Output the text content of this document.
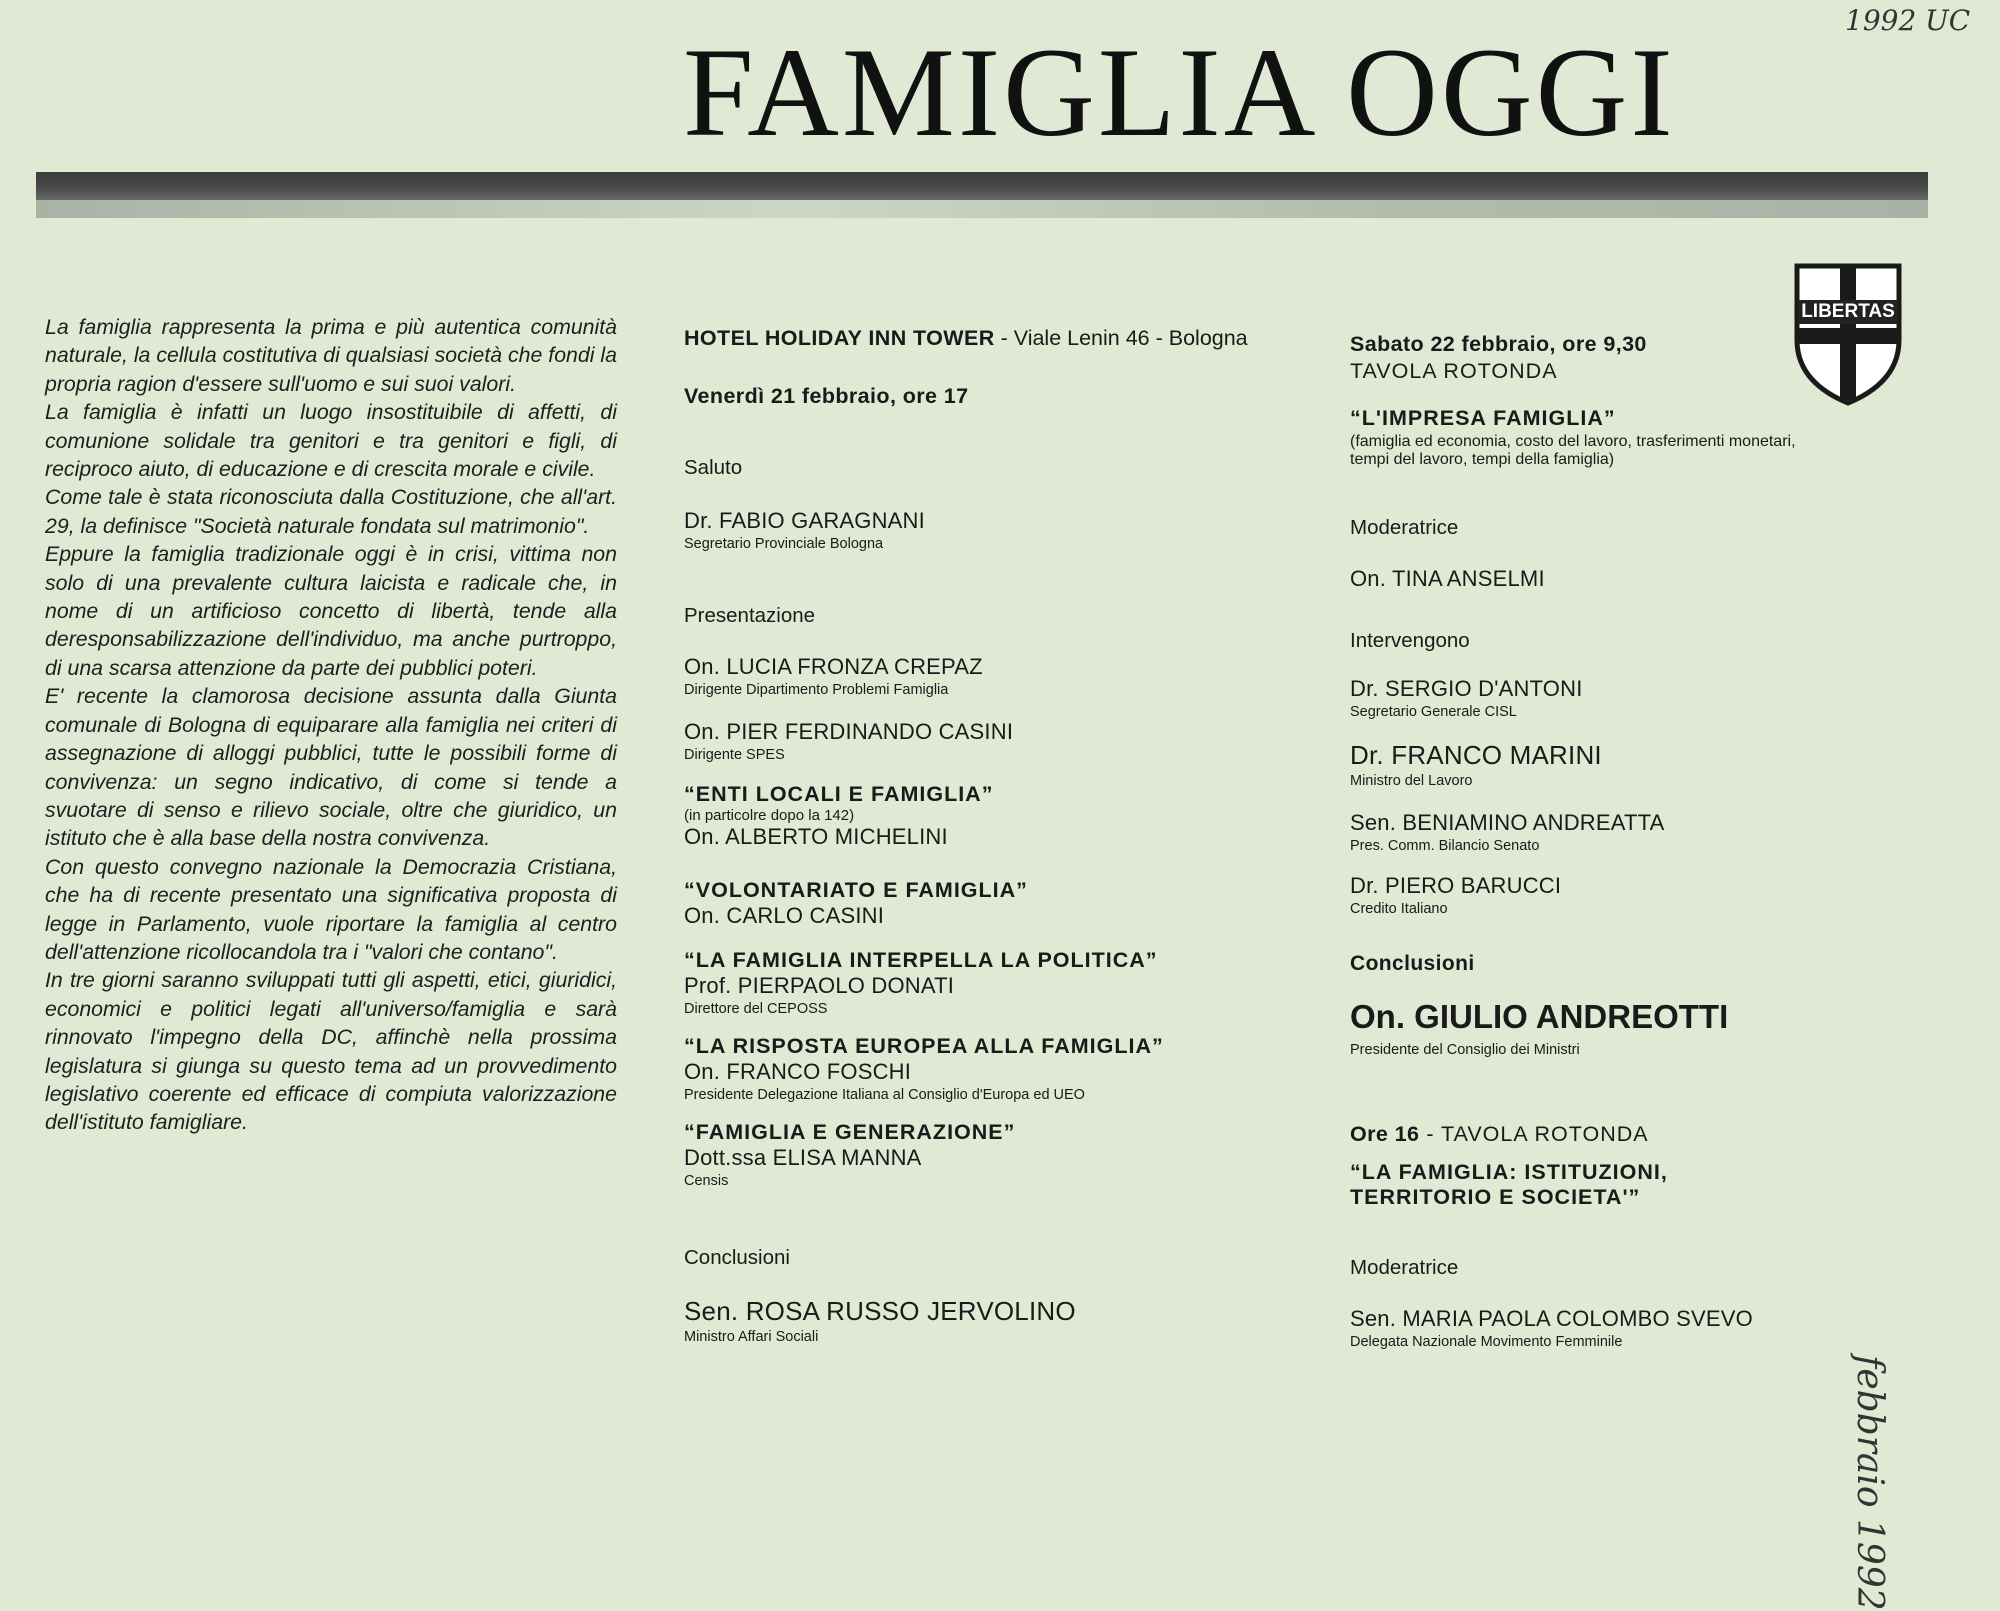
FAMIGLIA OGGI
1992 UC
febbraio 1992
LIBERTAS

La famiglia rappresenta la prima e più autentica comunità naturale, la cellula costitutiva di qualsiasi società che fondi la propria ragion d'essere sull'uomo e sui suoi valori.

La famiglia è infatti un luogo insostituibile di affetti, di comunione solidale tra genitori e tra genitori e figli, di reciproco aiuto, di educazione e di crescita morale e civile.

Come tale è stata riconosciuta dalla Costituzione, che all'art. 29, la definisce "Società naturale fondata sul matrimonio".

Eppure la famiglia tradizionale oggi è in crisi, vittima non solo di una prevalente cultura laicista e radicale che, in nome di un artificioso concetto di libertà, tende alla deresponsabilizzazione dell'individuo, ma anche purtroppo, di una scarsa attenzione da parte dei pubblici poteri.

E' recente la clamorosa decisione assunta dalla Giunta comunale di Bologna di equiparare alla famiglia nei criteri di assegnazione di alloggi pubblici, tutte le possibili forme di convivenza: un segno indicativo, di come si tende a svuotare di senso e rilievo sociale, oltre che giuridico, un istituto che è alla base della nostra convivenza.

Con questo convegno nazionale la Democrazia Cristiana, che ha di recente presentato una significativa proposta di legge in Parlamento, vuole riportare la famiglia al centro dell'attenzione ricollocandola tra i "valori che contano".

In tre giorni saranno sviluppati tutti gli aspetti, etici, giuridici, economici e politici legati all'universo/famiglia e sarà rinnovato l'impegno della DC, affinchè nella prossima legislatura si giunga su questo tema ad un provvedimento legislativo coerente ed efficace di compiuta valorizzazione dell'istituto famigliare.

HOTEL HOLIDAY INN TOWER - Viale Lenin 46 - Bologna
Venerdì 21 febbraio, ore 17
Saluto
Dr. FABIO GARAGNANI
Segretario Provinciale Bologna
Presentazione
On. LUCIA FRONZA CREPAZ
Dirigente Dipartimento Problemi Famiglia
On. PIER FERDINANDO CASINI
Dirigente SPES
“ENTI LOCALI E FAMIGLIA”
(in particolre dopo la 142)
On. ALBERTO MICHELINI
“VOLONTARIATO E FAMIGLIA”
On. CARLO CASINI
“LA FAMIGLIA INTERPELLA LA POLITICA”
Prof. PIERPAOLO DONATI
Direttore del CEPOSS
“LA RISPOSTA EUROPEA ALLA FAMIGLIA”
On. FRANCO FOSCHI
Presidente Delegazione Italiana al Consiglio d'Europa ed UEO
“FAMIGLIA E GENERAZIONE”
Dott.ssa ELISA MANNA
Censis
Conclusioni
Sen. ROSA RUSSO JERVOLINO
Ministro Affari Sociali
Sabato 22 febbraio, ore 9,30
TAVOLA ROTONDA
“L'IMPRESA FAMIGLIA”
(famiglia ed economia, costo del lavoro, trasferimenti monetari,
tempi del lavoro, tempi della famiglia)
Moderatrice
On. TINA ANSELMI
Intervengono
Dr. SERGIO D'ANTONI
Segretario Generale CISL
Dr. FRANCO MARINI
Ministro del Lavoro
Sen. BENIAMINO ANDREATTA
Pres. Comm. Bilancio Senato
Dr. PIERO BARUCCI
Credito Italiano
Conclusioni
On. GIULIO ANDREOTTI
Presidente del Consiglio dei Ministri
Ore 16 - TAVOLA ROTONDA
“LA FAMIGLIA: ISTITUZIONI,
TERRITORIO E SOCIETA'”
Moderatrice
Sen. MARIA PAOLA COLOMBO SVEVO
Delegata Nazionale Movimento Femminile
